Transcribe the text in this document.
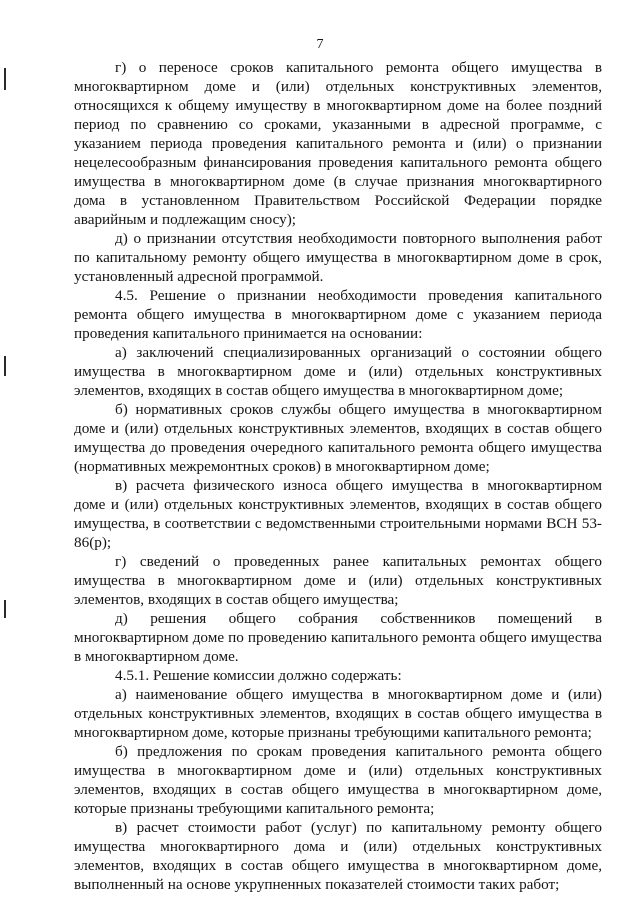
7

г) о переносе сроков капитального ремонта общего имущества в многоквартирном доме и (или) отдельных конструктивных элементов, относящихся к общему имуществу в многоквартирном доме на более поздний период по сравнению со сроками, указанными в адресной программе, с указанием периода проведения капитального ремонта и (или) о признании нецелесообразным финансирования проведения капитального ремонта общего имущества в многоквартирном доме (в случае признания многоквартирного дома в установленном Правительством Российской Федерации порядке аварийным и подлежащим сносу);

д) о признании отсутствия необходимости повторного выполнения работ по капитальному ремонту общего имущества в многоквартирном доме в срок, установленный адресной программой.

4.5. Решение о признании необходимости проведения капитального ремонта общего имущества в многоквартирном доме с указанием периода проведения капитального принимается на основании:

а) заключений специализированных организаций о состоянии общего имущества в многоквартирном доме и (или) отдельных конструктивных элементов, входящих в состав общего имущества в многоквартирном доме;

б) нормативных сроков службы общего имущества в многоквартирном доме и (или) отдельных конструктивных элементов, входящих в состав общего имущества до проведения очередного капитального ремонта общего имущества (нормативных межремонтных сроков) в многоквартирном доме;

в) расчета физического износа общего имущества в многоквартирном доме и (или) отдельных конструктивных элементов, входящих в состав общего имущества, в соответствии с ведомственными строительными нормами ВСН 53-86(р);

г) сведений о проведенных ранее капитальных ремонтах общего имущества в многоквартирном доме и (или) отдельных конструктивных элементов, входящих в состав общего имущества;

д) решения общего собрания собственников помещений в многоквартирном доме по проведению капитального ремонта общего имущества в многоквартирном доме.

4.5.1. Решение комиссии должно содержать:

а) наименование общего имущества в многоквартирном доме и (или) отдельных конструктивных элементов, входящих в состав общего имущества в многоквартирном доме, которые признаны требующими капитального ремонта;

б) предложения по срокам проведения капитального ремонта общего имущества в многоквартирном доме и (или) отдельных конструктивных элементов, входящих в состав общего имущества в многоквартирном доме, которые признаны требующими капитального ремонта;

в) расчет стоимости работ (услуг) по капитальному ремонту общего имущества многоквартирного дома и (или) отдельных конструктивных элементов, входящих в состав общего имущества в многоквартирном доме, выполненный на основе укрупненных показателей стоимости таких работ;
